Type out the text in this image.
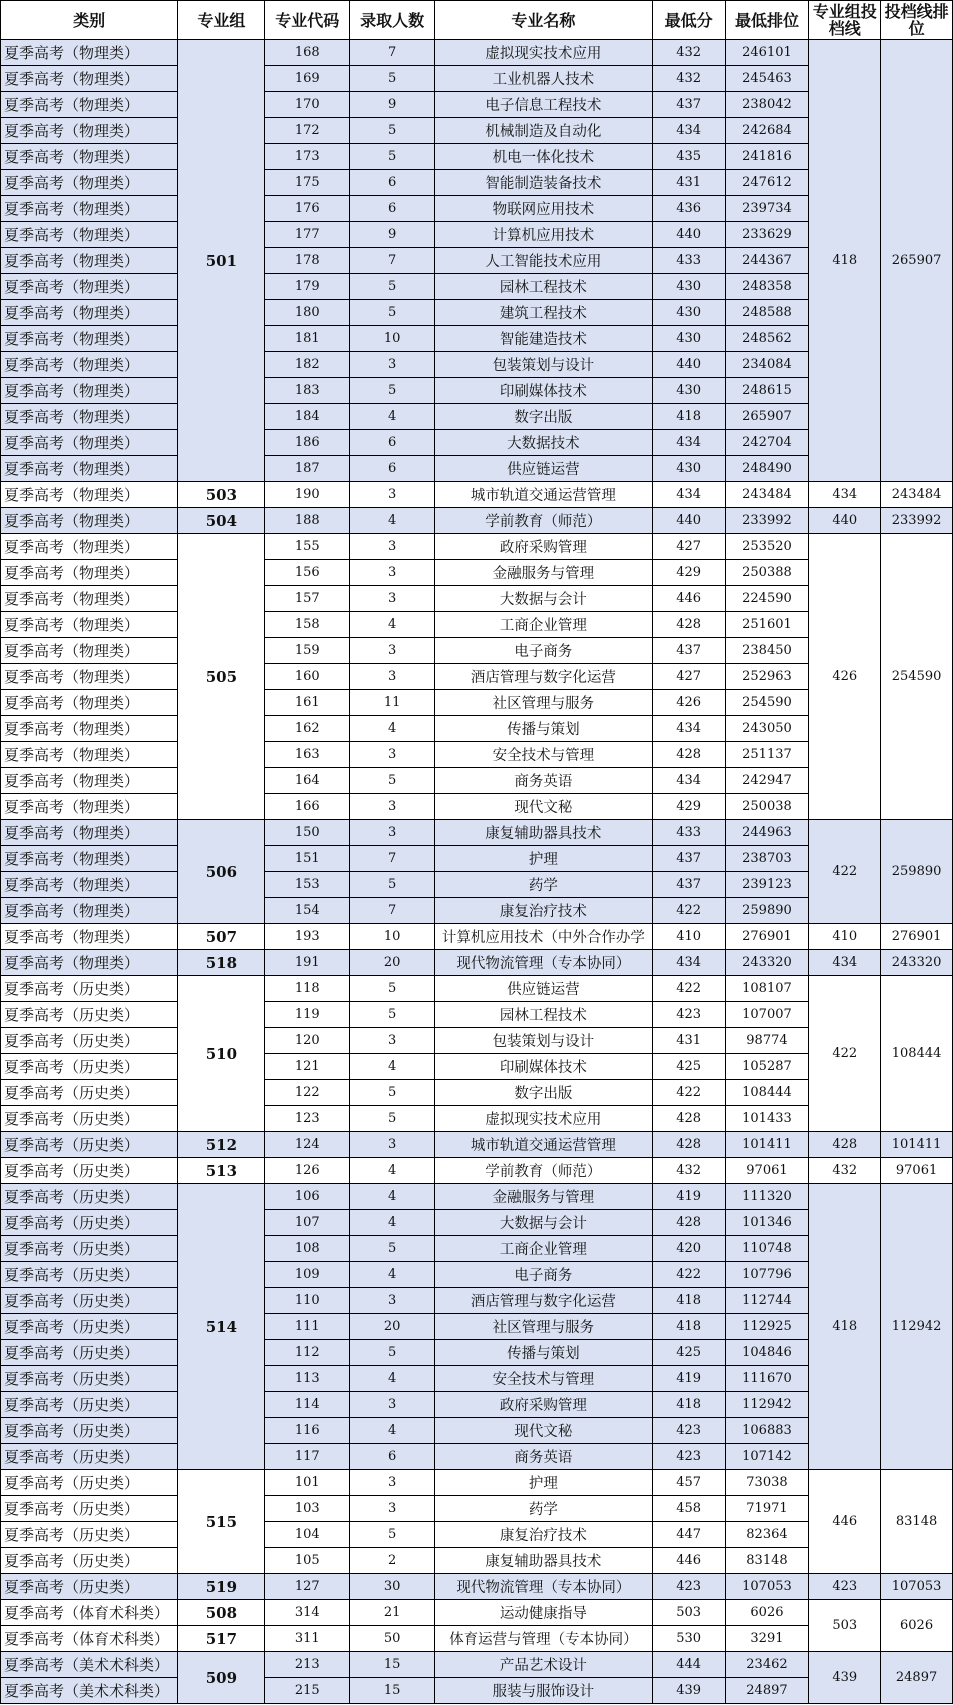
类别	专业组	专业代码	录取人数	专业名称	最低分	最低排位	专业组投档线	投档线排位
夏季高考（物理类）	501	168	7	虚拟现实技术应用	432	246101	418	265907
夏季高考（物理类）		169	5	工业机器人技术	432	245463		
夏季高考（物理类）		170	9	电子信息工程技术	437	238042		
夏季高考（物理类）		172	5	机械制造及自动化	434	242684		
夏季高考（物理类）		173	5	机电一体化技术	435	241816		
夏季高考（物理类）		175	6	智能制造装备技术	431	247612		
夏季高考（物理类）		176	6	物联网应用技术	436	239734		
夏季高考（物理类）		177	9	计算机应用技术	440	233629		
夏季高考（物理类）		178	7	人工智能技术应用	433	244367		
夏季高考（物理类）		179	5	园林工程技术	430	248358		
夏季高考（物理类）		180	5	建筑工程技术	430	248588		
夏季高考（物理类）		181	10	智能建造技术	430	248562		
夏季高考（物理类）		182	3	包装策划与设计	440	234084		
夏季高考（物理类）		183	5	印刷媒体技术	430	248615		
夏季高考（物理类）		184	4	数字出版	418	265907		
夏季高考（物理类）		186	6	大数据技术	434	242704		
夏季高考（物理类）		187	6	供应链运营	430	248490		
夏季高考（物理类）	503	190	3	城市轨道交通运营管理	434	243484	434	243484
夏季高考（物理类）	504	188	4	学前教育（师范）	440	233992	440	233992
夏季高考（物理类）	505	155	3	政府采购管理	427	253520	426	254590
夏季高考（物理类）		156	3	金融服务与管理	429	250388		
夏季高考（物理类）		157	3	大数据与会计	446	224590		
夏季高考（物理类）		158	4	工商企业管理	428	251601		
夏季高考（物理类）		159	3	电子商务	437	238450		
夏季高考（物理类）		160	3	酒店管理与数字化运营	427	252963		
夏季高考（物理类）		161	11	社区管理与服务	426	254590		
夏季高考（物理类）		162	4	传播与策划	434	243050		
夏季高考（物理类）		163	3	安全技术与管理	428	251137		
夏季高考（物理类）		164	5	商务英语	434	242947		
夏季高考（物理类）		166	3	现代文秘	429	250038		
夏季高考（物理类）	506	150	3	康复辅助器具技术	433	244963	422	259890
夏季高考（物理类）		151	7	护理	437	238703		
夏季高考（物理类）		153	5	药学	437	239123		
夏季高考（物理类）		154	7	康复治疗技术	422	259890		
夏季高考（物理类）	507	193	10	计算机应用技术（中外合作办学	410	276901	410	276901
夏季高考（物理类）	518	191	20	现代物流管理（专本协同）	434	243320	434	243320
夏季高考（历史类）	510	118	5	供应链运营	422	108107	422	108444
夏季高考（历史类）		119	5	园林工程技术	423	107007		
夏季高考（历史类）		120	3	包装策划与设计	431	98774		
夏季高考（历史类）		121	4	印刷媒体技术	425	105287		
夏季高考（历史类）		122	5	数字出版	422	108444		
夏季高考（历史类）		123	5	虚拟现实技术应用	428	101433		
夏季高考（历史类）	512	124	3	城市轨道交通运营管理	428	101411	428	101411
夏季高考（历史类）	513	126	4	学前教育（师范）	432	97061	432	97061
夏季高考（历史类）	514	106	4	金融服务与管理	419	111320	418	112942
夏季高考（历史类）		107	4	大数据与会计	428	101346		
夏季高考（历史类）		108	5	工商企业管理	420	110748		
夏季高考（历史类）		109	4	电子商务	422	107796		
夏季高考（历史类）		110	3	酒店管理与数字化运营	418	112744		
夏季高考（历史类）		111	20	社区管理与服务	418	112925		
夏季高考（历史类）		112	5	传播与策划	425	104846		
夏季高考（历史类）		113	4	安全技术与管理	419	111670		
夏季高考（历史类）		114	3	政府采购管理	418	112942		
夏季高考（历史类）		116	4	现代文秘	423	106883		
夏季高考（历史类）		117	6	商务英语	423	107142		
夏季高考（历史类）	515	101	3	护理	457	73038	446	83148
夏季高考（历史类）		103	3	药学	458	71971		
夏季高考（历史类）		104	5	康复治疗技术	447	82364		
夏季高考（历史类）		105	2	康复辅助器具技术	446	83148		
夏季高考（历史类）	519	127	30	现代物流管理（专本协同）	423	107053	423	107053
夏季高考（体育术科类）	508	314	21	运动健康指导	503	6026	503	6026
夏季高考（体育术科类）	517	311	50	体育运营与管理（专本协同）	530	3291		
夏季高考（美术术科类）	509	213	15	产品艺术设计	444	23462	439	24897
夏季高考（美术术科类）		215	15	服装与服饰设计	439	24897		
